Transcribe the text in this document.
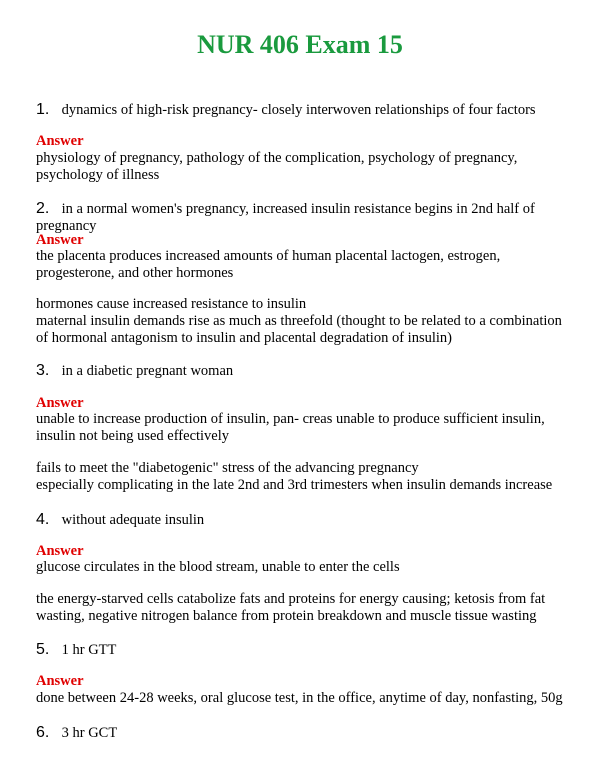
NUR 406 Exam 15
1. dynamics of high-risk pregnancy- closely interwoven relationships of four factors
Answer
physiology of pregnancy, pathology of the complication, psychology of pregnancy, psychology of illness
2. in a normal women's pregnancy, increased insulin resistance begins in 2nd half of pregnancy
Answer
the placenta produces increased amounts of human placental lactogen, estrogen, progesterone, and other hormones
hormones cause increased resistance to insulin
maternal insulin demands rise as much as threefold (thought to be related to a combination of hormonal antagonism to insulin and placental degradation of insulin)
3. in a diabetic pregnant woman
Answer
unable to increase production of insulin, pan- creas unable to produce sufficient insulin, insulin not being used effectively
fails to meet the "diabetogenic" stress of the advancing pregnancy
especially complicating in the late 2nd and 3rd trimesters when insulin demands increase
4. without adequate insulin
Answer
glucose circulates in the blood stream, unable to enter the cells
the energy-starved cells catabolize fats and proteins for energy causing; ketosis from fat wasting, negative nitrogen balance from protein breakdown and muscle tissue wasting
5. 1 hr GTT
Answer
done between 24-28 weeks, oral glucose test, in the office, anytime of day, nonfasting, 50g
6. 3 hr GCT
